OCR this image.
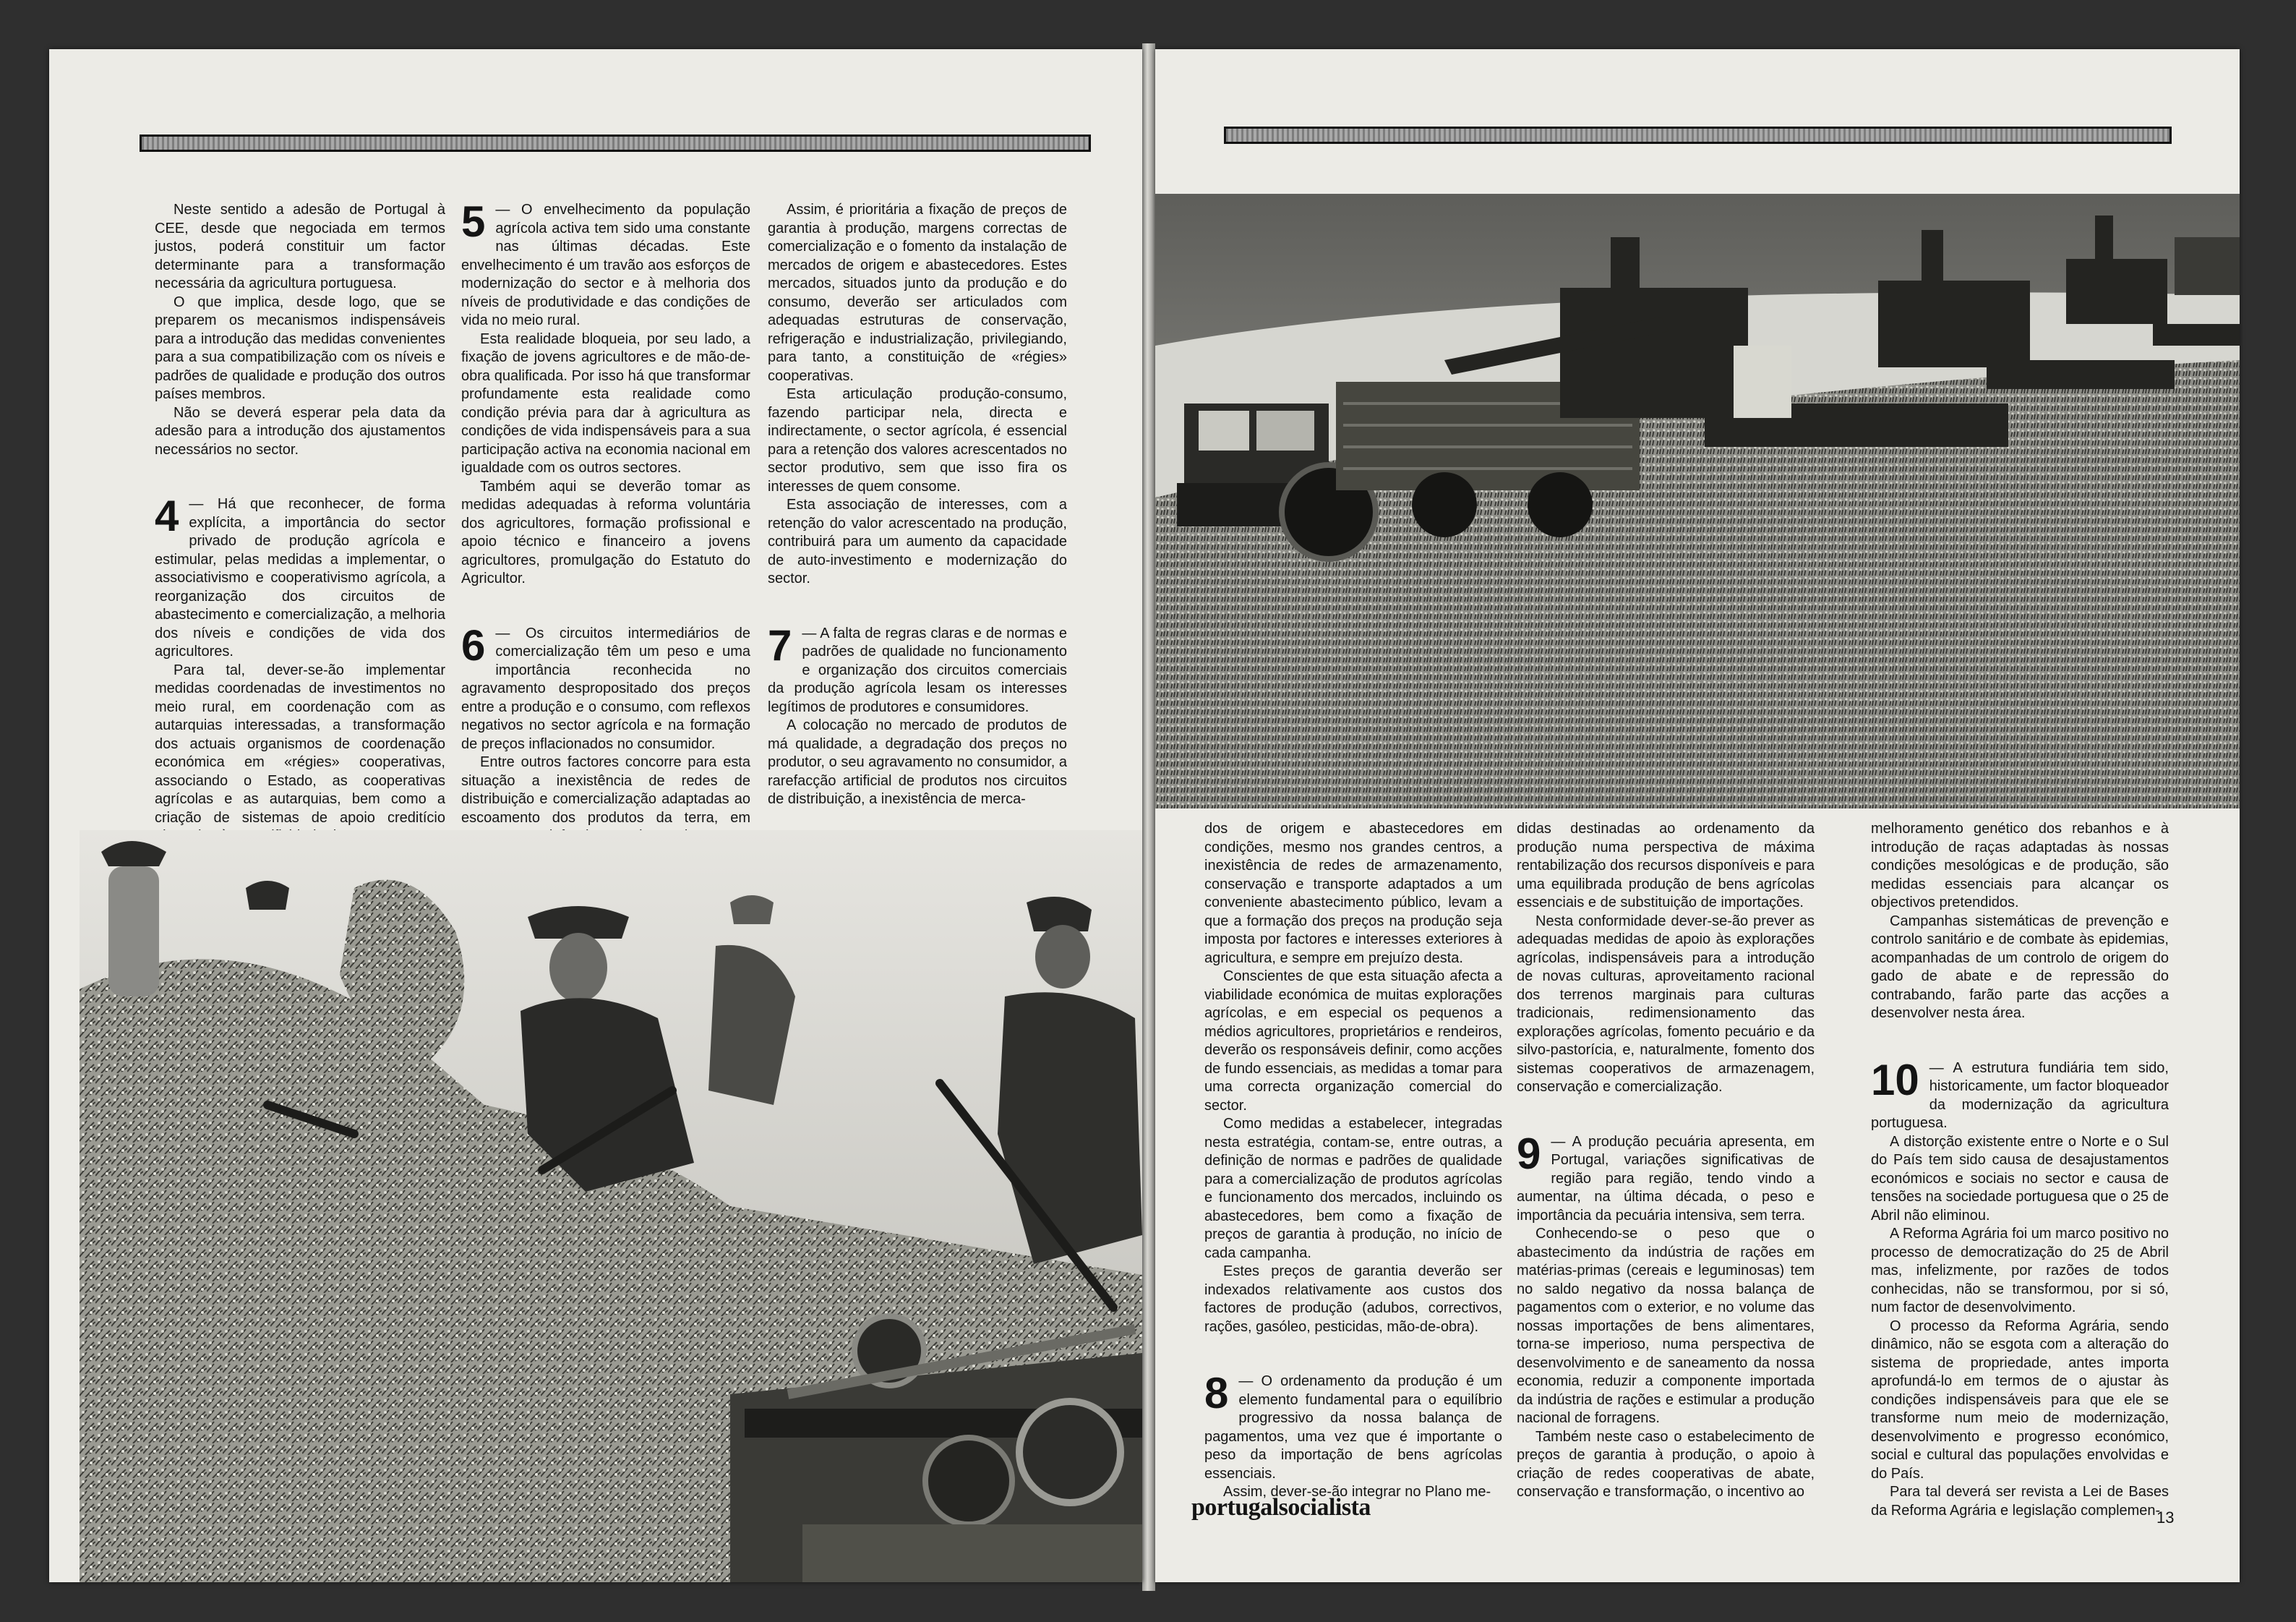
Neste sentido a adesão de Portugal à CEE, desde que negociada em termos justos, poderá constituir um factor determinante para a transformação necessária da agricultura portuguesa.

O que implica, desde logo, que se preparem os mecanismos indispensáveis para a introdução das medidas convenientes para a sua compatibilização com os níveis e padrões de qualidade e produção dos outros países membros.

Não se deverá esperar pela data da adesão para a introdução dos ajustamentos necessários no sector.

4 — Há que reconhecer, de forma explícita, a importância do sector privado de produção agrícola e estimular, pelas medidas a implementar, o associativismo e cooperativismo agrícola, a reorganização dos circuitos de abastecimento e comercialização, a melhoria dos níveis e condições de vida dos agricultores.

Para tal, dever-se-ão implementar medidas coordenadas de investimentos no meio rural, em coordenação com as autarquias interessadas, a transformação dos actuais organismos de coordenação económica em «régies» cooperativas, associando o Estado, as cooperativas agrícolas e as autarquias, bem como a criação de sistemas de apoio creditício

5 — O envelhecimento da população agrícola activa tem sido uma constante nas últimas décadas. Este envelhecimento é um travão aos esforços de modernização do sector e à melhoria dos níveis de produtividade e das condições de vida no meio rural.

Esta realidade bloqueia, por seu lado, a fixação de jovens agricultores e de mão-de-obra qualificada. Por isso há que transformar profundamente esta realidade como condição prévia para dar à agricultura as condições de vida indispensáveis para a sua participação activa na economia nacional em igualdade com os outros sectores.

Também aqui se deverão tomar as medidas adequadas à reforma voluntária dos agricultores, formação profissional e apoio técnico e financeiro a jovens agricultores, promulgação do Estatuto do Agricultor.

6 — Os circuitos intermediários de comercialização têm um peso e uma importância reconhecida no agravamento despropositado dos preços entre a produção e o consumo, com reflexos negativos no sector agrícola e na formação de preços inflacionados no consumidor.

Entre outros factores concorre para esta situação a inexistência de redes de distribuição e comercialização adaptadas ao escoamento dos produtos da terra, em

Assim, é prioritária a fixação de preços de garantia à produção, margens correctas de comercialização e o fomento da instalação de mercados de origem e abastecedores. Estes mercados, situados junto da produção e do consumo, deverão ser articulados com adequadas estruturas de conservação, refrigeração e industrialização, privilegiando, para tanto, a constituição de «régies» cooperativas.

Esta articulação produção-consumo, fazendo participar nela, directa e indirectamente, o sector agrícola, é essencial para a retenção dos valores acrescentados no sector produtivo, sem que isso fira os interesses de quem consome.

Esta associação de interesses, com a retenção do valor acrescentado na produção, contribuirá para um aumento da capacidade de auto-investimento e modernização do sector.

7 — A falta de regras claras e de normas e padrões de qualidade no funcionamento e organização dos circuitos comerciais da produção agrícola lesam os interesses legítimos de produtores e consumidores.

A colocação no mercado de produtos de má qualidade, a degradação dos preços no produtor, o seu agravamento no consumidor, a rarefacção artificial de produtos nos circuitos de distribuição, a inexistência de merca-

dos de origem e abastecedores em condições, mesmo nos grandes centros, a inexistência de redes de armazenamento, conservação e transporte adaptados a um conveniente abastecimento público, levam a que a formação dos preços na produção seja imposta por factores e interesses exteriores à agricultura, e sempre em prejuízo desta.

Conscientes de que esta situação afecta a viabilidade económica de muitas explorações agrícolas, e em especial os pequenos a médios agricultores, proprietários e rendeiros, deverão os responsáveis definir, como acções de fundo essenciais, as medidas a tomar para uma correcta organização comercial do sector.

Como medidas a estabelecer, integradas nesta estratégia, contam-se, entre outras, a definição de normas e padrões de qualidade para a comercialização de produtos agrícolas e funcionamento dos mercados, incluindo os abastecedores, bem como a fixação de preços de garantia à produção, no início de cada campanha.

Estes preços de garantia deverão ser indexados relativamente aos custos dos factores de produção (adubos, correctivos, rações, gasóleo, pesticidas, mão-de-obra).

8 — O ordenamento da produção é um elemento fundamental para o equilíbrio progressivo da nossa balança de pagamentos, uma vez que é importante o peso da importação de bens agrícolas essenciais.

Assim, dever-se-ão integrar no Plano me-

didas destinadas ao ordenamento da produção numa perspectiva de máxima rentabilização dos recursos disponíveis e para uma equilibrada produção de bens agrícolas essenciais e de substituição de importações.

Nesta conformidade dever-se-ão prever as adequadas medidas de apoio às explorações agrícolas, indispensáveis para a introdução de novas culturas, aproveitamento racional dos terrenos marginais para culturas tradicionais, redimensionamento das explorações agrícolas, fomento pecuário e da silvo-pastorícia, e, naturalmente, fomento dos sistemas cooperativos de armazenagem, conservação e comercialização.

9 — A produção pecuária apresenta, em Portugal, variações significativas de região para região, tendo vindo a aumentar, na última década, o peso e importância da pecuária intensiva, sem terra.

Conhecendo-se o peso que o abastecimento da indústria de rações em matérias-primas (cereais e leguminosas) tem no saldo negativo da nossa balança de pagamentos com o exterior, e no volume das nossas importações de bens alimentares, torna-se imperioso, numa perspectiva de desenvolvimento e de saneamento da nossa economia, reduzir a componente importada da indústria de rações e estimular a produção nacional de forragens.

Também neste caso o estabelecimento de preços de garantia à produção, o apoio à criação de redes cooperativas de abate, conservação e transformação, o incentivo ao

melhoramento genético dos rebanhos e à introdução de raças adaptadas às nossas condições mesológicas e de produção, são medidas essenciais para alcançar os objectivos pretendidos.

Campanhas sistemáticas de prevenção e controlo sanitário e de combate às epidemias, acompanhadas de um controlo de origem do gado de abate e de repressão do contrabando, farão parte das acções a desenvolver nesta área.

10 — A estrutura fundiária tem sido, historicamente, um factor bloqueador da modernização da agricultura portuguesa.

A distorção existente entre o Norte e o Sul do País tem sido causa de desajustamentos económicos e sociais no sector e causa de tensões na sociedade portuguesa que o 25 de Abril não eliminou.

A Reforma Agrária foi um marco positivo no processo de democratização do 25 de Abril mas, infelizmente, por razões de todos conhecidas, não se transformou, por si só, num factor de desenvolvimento.

O processo da Reforma Agrária, sendo dinâmico, não se esgota com a alteração do sistema de propriedade, antes importa aprofundá-lo em termos de o ajustar às condições indispensáveis para que ele se transforme num meio de modernização, desenvolvimento e progresso económico, social e cultural das populações envolvidas e do País.

Para tal deverá ser revista a Lei de Bases da Reforma Agrária e legislação complemen-

portugalsocialista	13
